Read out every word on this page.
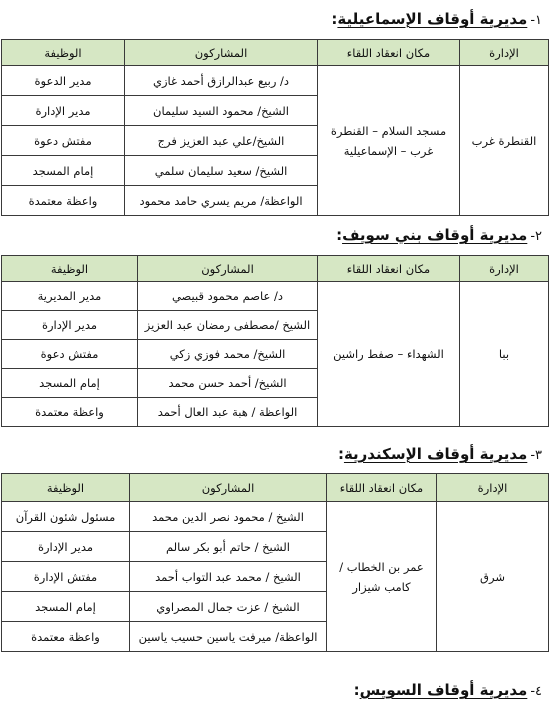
١-مديرية أوقاف الإسماعيلية:
الإدارة	مكان انعقاد اللقاء	المشاركون	الوظيفة
القنطرة غرب	مسجد السلام – القنطرة غرب – الإسماعيلية	د/ ربيع عبدالرازق أحمد غازي	مدير الدعوة
		الشيخ/ محمود السيد سليمان	مدير الإدارة
		الشيخ/علي عبد العزيز فرج	مفتش دعوة
		الشيخ/ سعيد سليمان سلمي	إمام المسجد
		الواعظة/ مريم يسري حامد محمود	واعظة معتمدة
٢-مديرية أوقاف بني سويف:
الإدارة	مكان انعقاد اللقاء	المشاركون	الوظيفة
ببا	الشهداء – صفط راشين	د/ عاصم محمود قبيصي	مدير المديرية
		الشيخ /مصطفى رمضان عبد العزيز	مدير الإدارة
		الشيخ/ محمد فوزي زكي	مفتش دعوة
		الشيخ/ أحمد حسن محمد	إمام المسجد
		الواعظة / هبة عبد العال أحمد	واعظة معتمدة
٣-مديرية أوقاف الإسكندرية:
الإدارة	مكان انعقاد اللقاء	المشاركون	الوظيفة
شرق	عمر بن الخطاب / كامب شيزار	الشيخ / محمود نصر الدين محمد	مسئول شئون القرآن
		الشيخ / حاتم أبو بكر سالم	مدير الإدارة
		الشيخ / محمد عبد التواب أحمد	مفتش الإدارة
		الشيخ / عزت جمال المصراوي	إمام المسجد
		الواعظة/ ميرفت ياسين حسيب ياسين	واعظة معتمدة
٤-مديرية أوقاف السويس:
